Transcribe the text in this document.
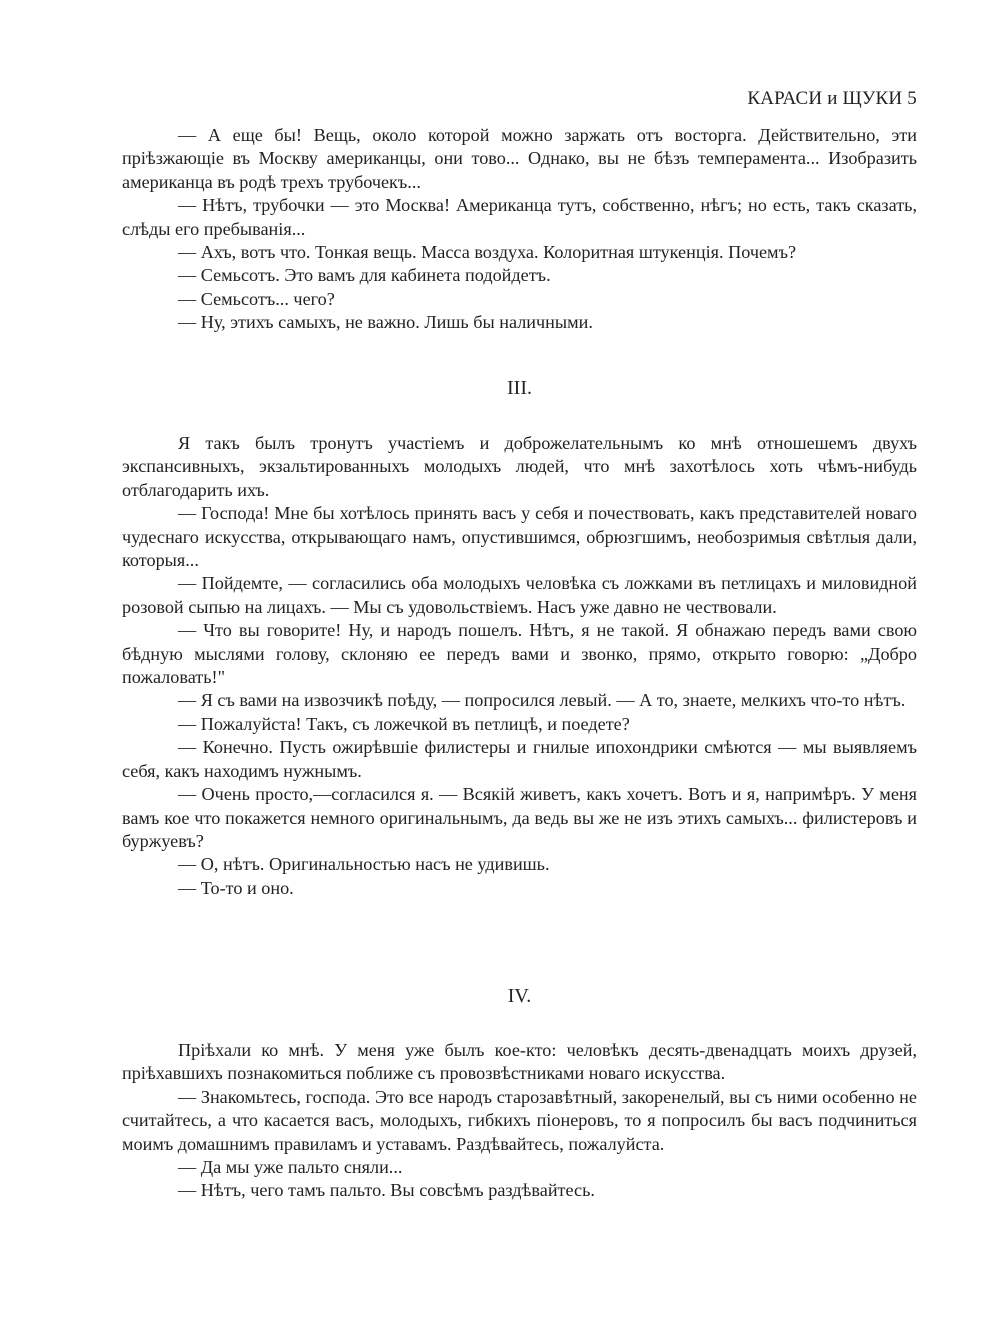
КАРАСИ и ЩУКИ 5

— А еще бы! Вещь, около которой можно заржать отъ восторга. Действительно, эти прiѣзжающiе въ Москву американцы, они тово... Однако, вы не бѣзъ темперамента... Изобразить американца въ родѣ трехъ трубочекъ...

— Нѣтъ, трубочки — это Москва! Американца тутъ, собственно, нѣгъ; но есть, такъ сказать, слѣды его пребыванiя...

— Ахъ, вотъ что. Тонкая вещь. Масса воздуха. Колоритная штукенцiя. Почемъ?

— Семьсотъ. Это вамъ для кабинета подойдетъ.

— Семьсотъ... чего?

— Ну, этихъ самыхъ, не важно. Лишь бы наличными.

III.

Я такъ былъ тронутъ участiемъ и доброжелательнымъ ко мнѣ отношешемъ двухъ экспансивныхъ, экзальтированныхъ молодыхъ людей, что мнѣ захотѣлось хоть чѣмъ-нибудь отблагодарить ихъ.

— Господа! Мне бы хотѣлось принять васъ у себя и почествовать, какъ представителей новаго чудеснаго искусства, открывающаго намъ, опустившимся, обрюзгшимъ, необозримыя свѣтлыя дали, которыя...

— Пойдемте, — согласились оба молодыхъ человѣка съ ложками въ петлицахъ и миловидной розовой сыпью на лицахъ. — Мы съ удовольствiемъ. Насъ уже давно не чествовали.

— Что вы говорите! Ну, и народъ пошелъ. Нѣтъ, я не такой. Я обнажаю передъ вами свою бѣдную мыслями голову, склоняю ее передъ вами и звонко, прямо, открыто говорю: „Добро пожаловать!"

— Я съ вами на извозчикѣ поѣду, — попросился левый. — А то, знаете, мелкихъ что-то нѣтъ.

— Пожалуйста! Такъ, съ ложечкой въ петлицѣ, и поедете?

— Конечно. Пусть ожирѣвшiе филистеры и гнилые ипохондрики смѣются — мы выявляемъ себя, какъ находимъ нужнымъ.

— Очень просто,—согласился я. — Всякiй живетъ, какъ хочетъ. Вотъ и я, напримѣръ. У меня вамъ кое что покажется немного оригинальнымъ, да ведь вы же не изъ этихъ самыхъ... филистеровъ и буржуевъ?

— О, нѣтъ. Оригинальностью насъ не удивишь.

— То-то и оно.

IV.

Прiѣхали ко мнѣ. У меня уже былъ кое-кто: человѣкъ десять-двенадцать моихъ друзей, прiѣхавшихъ познакомиться поближе съ провозвѣстниками новаго искусства.

— Знакомьтесь, господа. Это все народъ старозавѣтный, закоренелый, вы съ ними особенно не считайтесь, а что касается васъ, молодыхъ, гибкихъ пiонеровъ, то я попросилъ бы васъ подчиниться моимъ домашнимъ правиламъ и уставамъ. Раздѣвайтесь, пожалуйста.

— Да мы уже пальто сняли...

— Нѣтъ, чего тамъ пальто. Вы совсѣмъ раздѣвайтесь.
